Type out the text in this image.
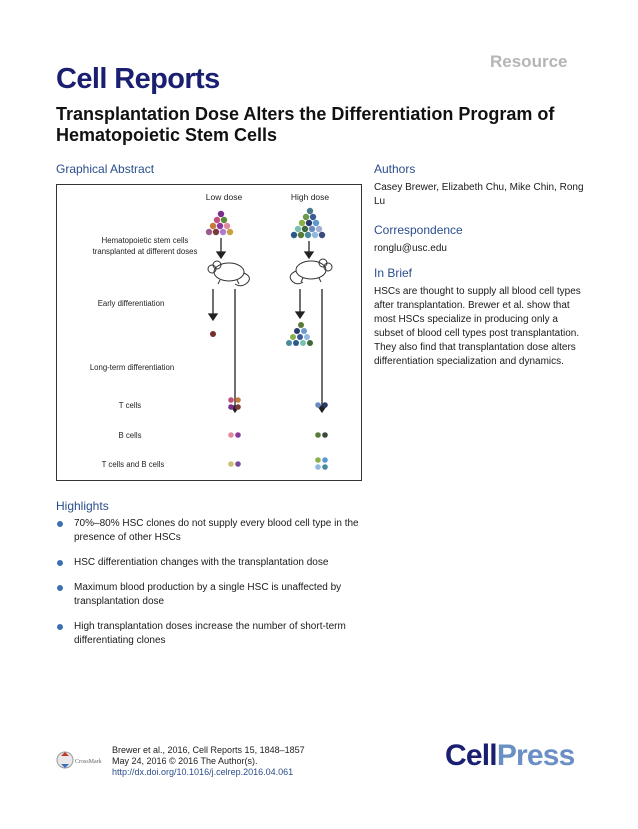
Resource
Cell Reports
Transplantation Dose Alters the Differentiation Program of Hematopoietic Stem Cells
Graphical Abstract
Low dose	High dose
Hematopoietic stem cells
transplanted at different doses
Early differentiation
Long-term differentiation
T cells
B cells
T cells and B cells
Authors
Casey Brewer, Elizabeth Chu, Mike Chin, Rong Lu
Correspondence
ronglu@usc.edu
In Brief
HSCs are thought to supply all blood cell types after transplantation. Brewer et al. show that most HSCs specialize in producing only a subset of blood cell types post transplantation. They also find that transplantation dose alters differentiation specialization and dynamics.
Highlights
70%–80% HSC clones do not supply every blood cell type in the presence of other HSCs
HSC differentiation changes with the transplantation dose
Maximum blood production by a single HSC is unaffected by transplantation dose
High transplantation doses increase the number of short-term differentiating clones
CrossMark
Brewer et al., 2016, Cell Reports 15, 1848–1857
May 24, 2016 © 2016 The Author(s).
http://dx.doi.org/10.1016/j.celrep.2016.04.061	CellPress
